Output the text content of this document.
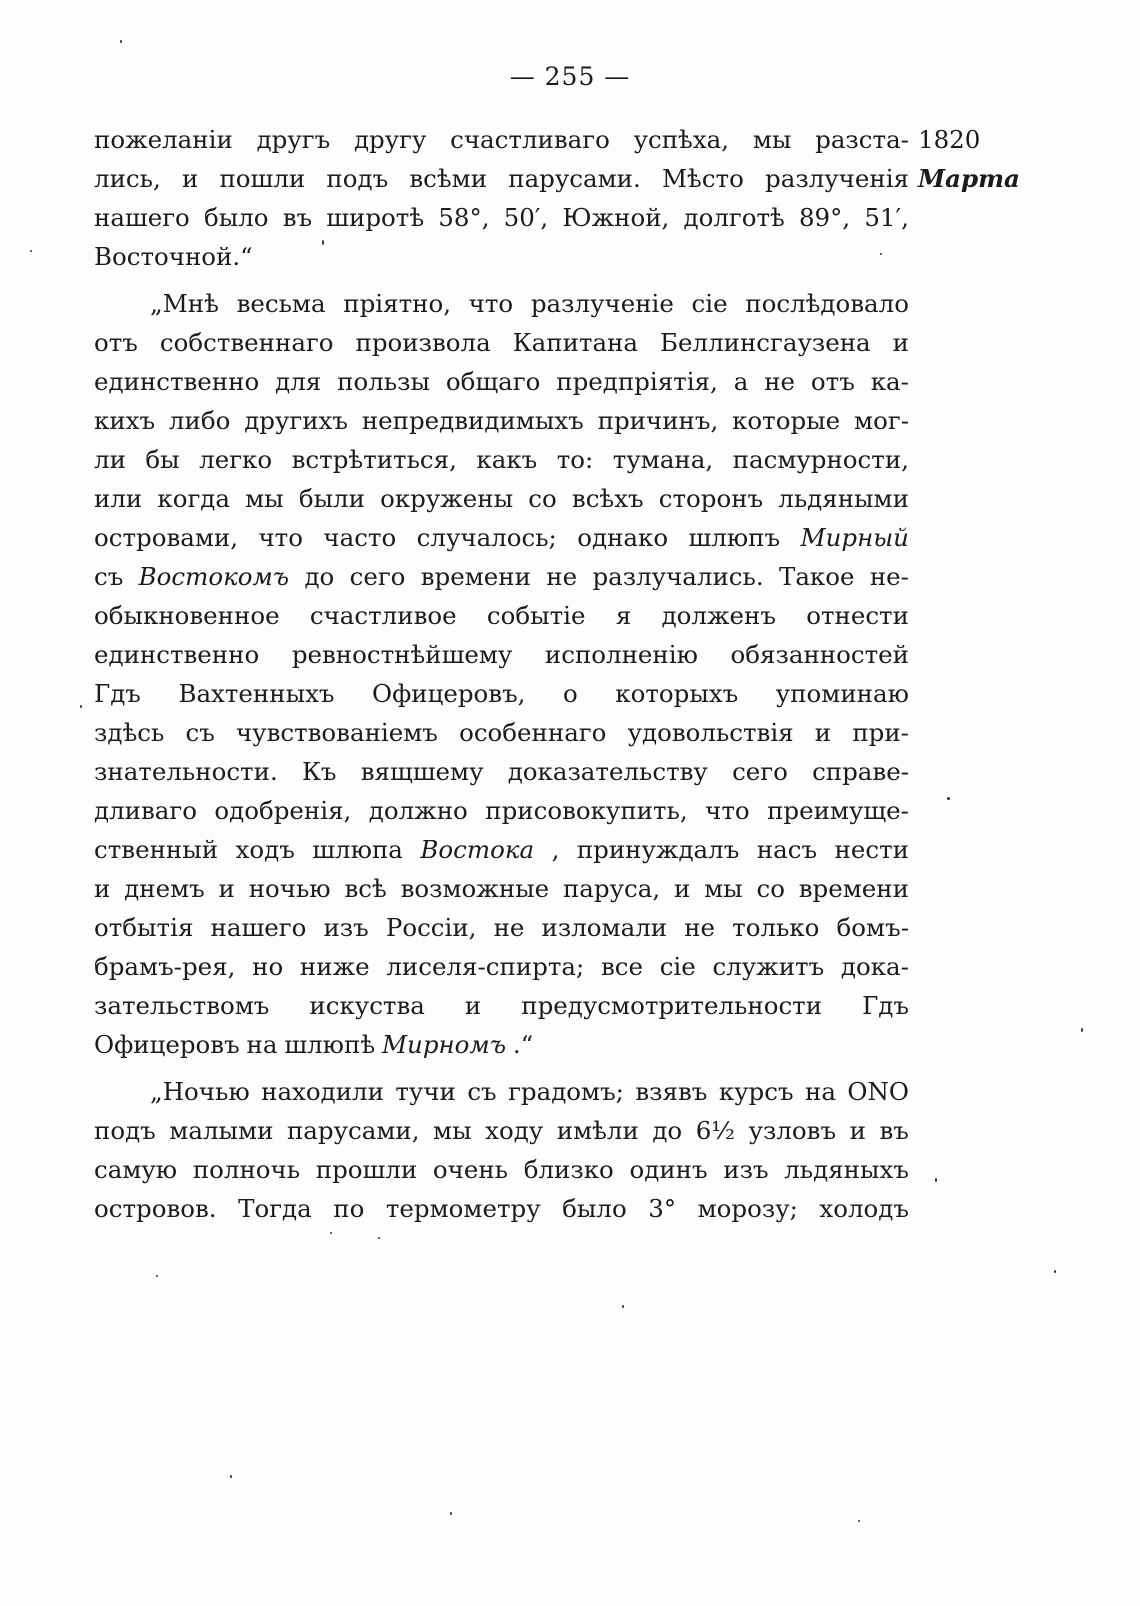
— 255 —
1820
Марта
пожеланіи другъ другу счастливаго успѣха, мы разста-
лись, и пошли подъ всѣми парусами. Мѣсто разлученія
нашего было въ широтѣ 58°, 50′, Южной, долготѣ 89°, 51′,
Восточной.“
„Мнѣ весьма пріятно, что разлученіе сіе послѣдовало
отъ собственнаго произвола Капитана Беллинсгаузена и
единственно для пользы общаго предпріятія, а не отъ ка-
кихъ либо другихъ непредвидимыхъ причинъ, которые мог-
ли бы легко встрѣтиться, какъ то: тумана, пасмурности,
или когда мы были окружены со всѣхъ сторонъ льдяными
островами, что часто случалось; однако шлюпъ Мирный
съ Востокомъ до сего времени не разлучались. Такое не-
обыкновенное счастливое событіе я долженъ отнести
единственно ревностнѣйшему исполненію обязанностей
Гдъ Вахтенныхъ Офицеровъ, о которыхъ упоминаю
здѣсь съ чувствованіемъ особеннаго удовольствія и при-
знательности. Къ вящшему доказательству сего справе-
дливаго одобренія, должно присовокупить, что преимуще-
ственный ходъ шлюпа Востока , принуждалъ насъ нести
и днемъ и ночью всѣ возможные паруса, и мы со времени
отбытія нашего изъ Россіи, не изломали не только бомъ-
брамъ-рея, но ниже лиселя-спирта; все сіе служитъ дока-
зательствомъ искуства и предусмотрительности Гдъ
Офицеровъ на шлюпѣ Мирномъ .“
„Ночью находили тучи съ градомъ; взявъ курсъ на ONO
подъ малыми парусами, мы ходу имѣли до 6½ узловъ и въ
самую полночь прошли очень близко одинъ изъ льдяныхъ
островов. Тогда по термометру было 3° морозу; холодъ
